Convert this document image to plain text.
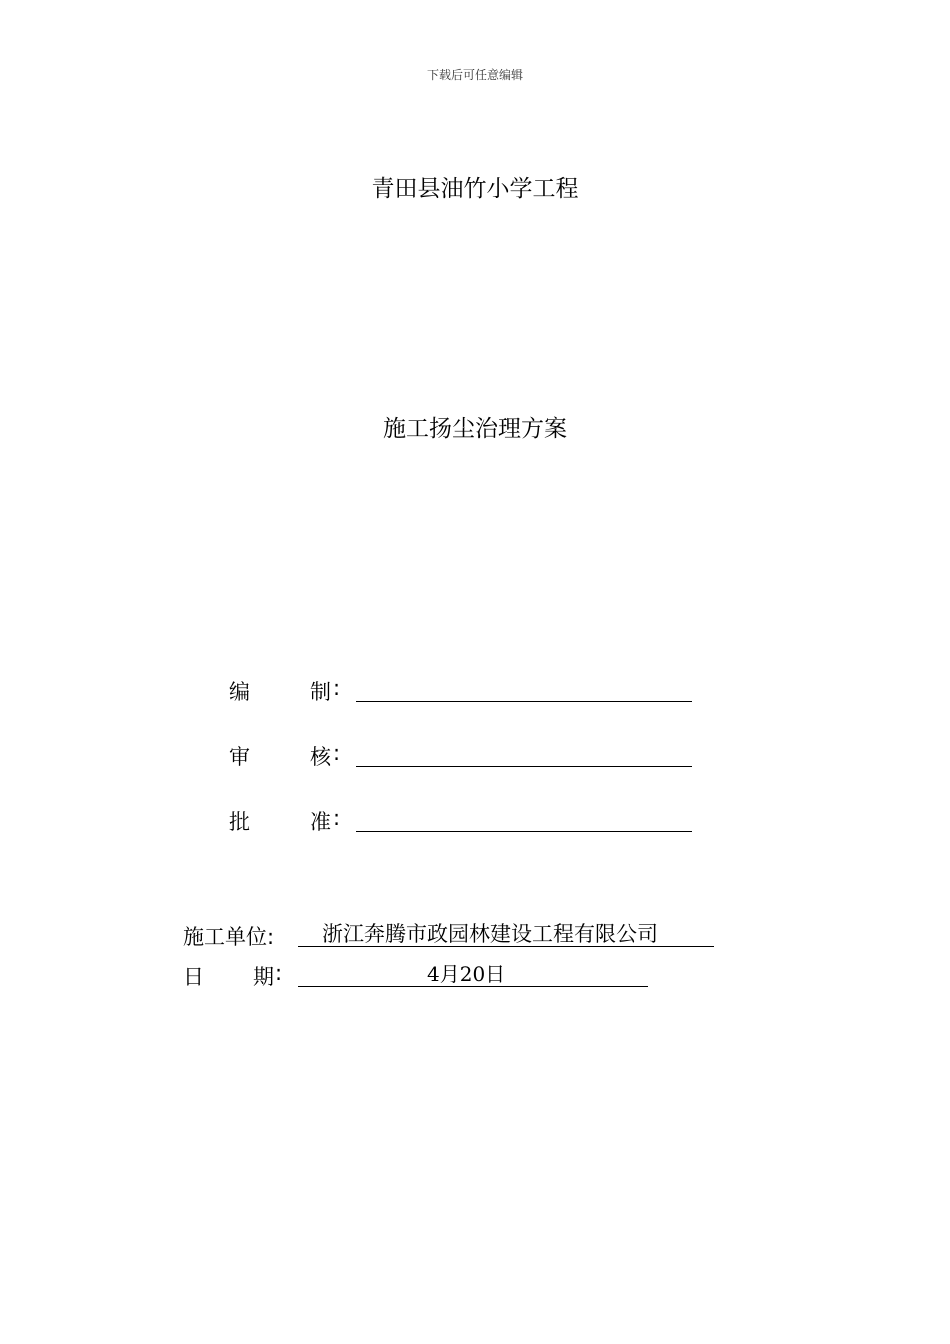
下载后可任意编辑
青田县油竹小学工程
施工扬尘治理方案
编	制 :
审	核 :
批	准 :
施工单位:	浙江奔腾市政园林建设工程有限公司
日 期 :	4月20日
